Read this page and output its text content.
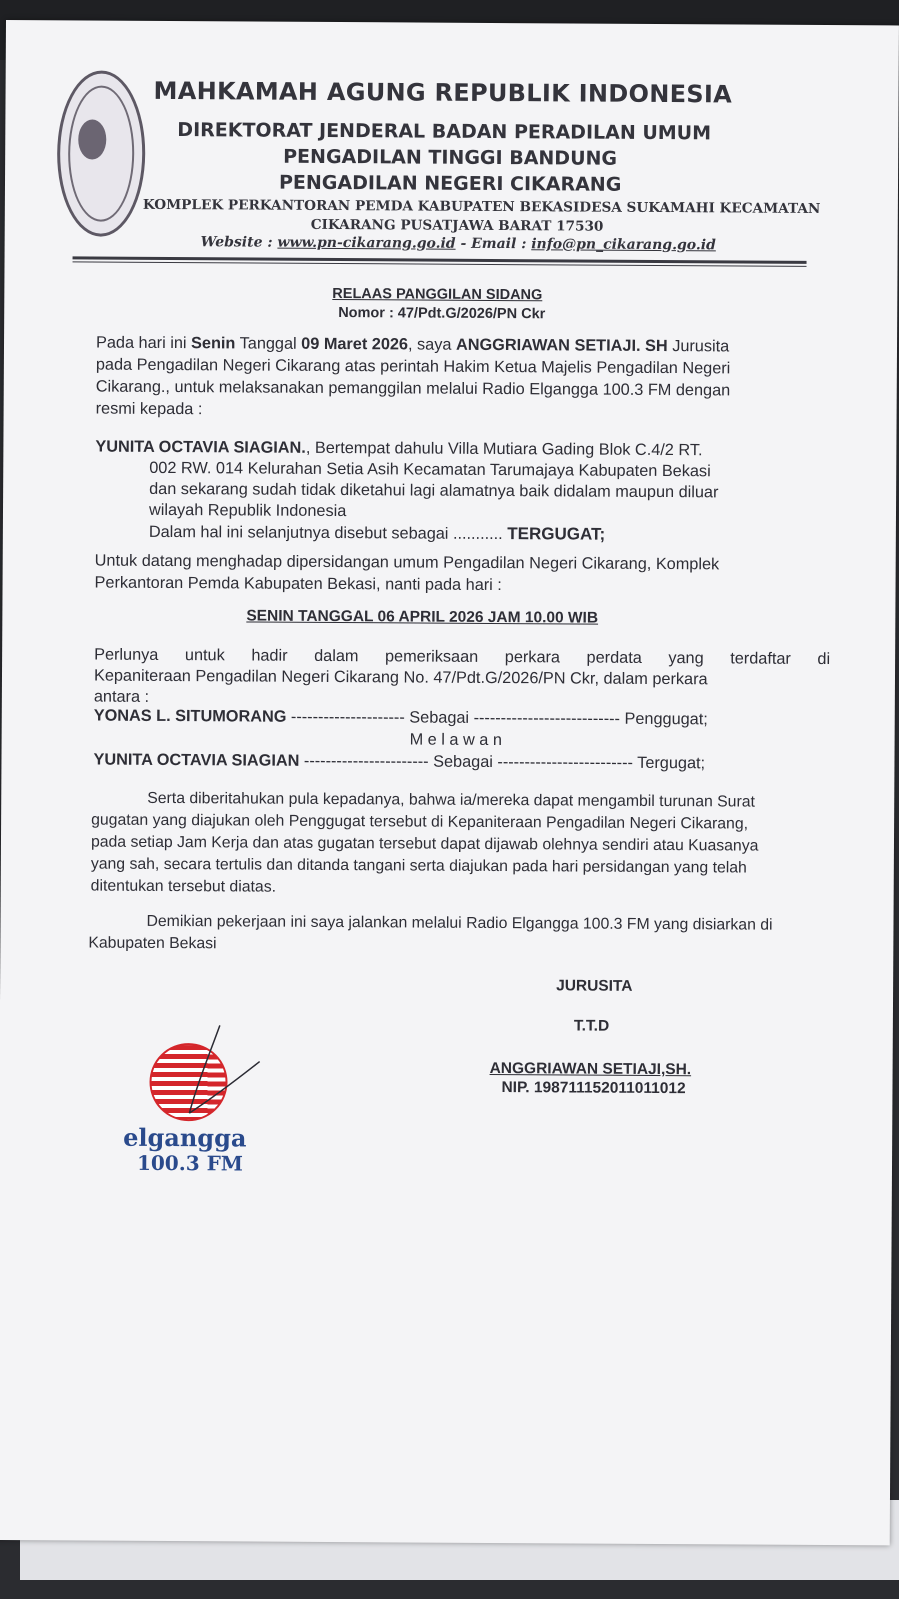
MAHKAMAH AGUNG REPUBLIK INDONESIA
DIREKTORAT JENDERAL BADAN PERADILAN UMUM
PENGADILAN TINGGI BANDUNG
PENGADILAN NEGERI CIKARANG
KOMPLEK PERKANTORAN PEMDA KABUPATEN BEKASIDESA SUKAMAHI KECAMATAN
CIKARANG PUSATJAWA BARAT 17530
Website : www.pn-cikarang.go.id - Email : info@pn_cikarang.go.id
RELAAS PANGGILAN SIDANG
Nomor : 47/Pdt.G/2026/PN Ckr
Pada hari ini Senin Tanggal 09 Maret 2026, saya ANGGRIAWAN SETIAJI. SH Jurusita
pada Pengadilan Negeri Cikarang atas perintah Hakim Ketua Majelis Pengadilan Negeri
Cikarang., untuk melaksanakan pemanggilan melalui Radio Elgangga 100.3 FM dengan
resmi kepada :
YUNITA OCTAVIA SIAGIAN., Bertempat dahulu Villa Mutiara Gading Blok C.4/2 RT.
002 RW. 014 Kelurahan Setia Asih Kecamatan Tarumajaya Kabupaten Bekasi
dan sekarang sudah tidak diketahui lagi alamatnya baik didalam maupun diluar
wilayah Republik Indonesia
Dalam hal ini selanjutnya disebut sebagai ........... TERGUGAT;
Untuk datang menghadap dipersidangan umum Pengadilan Negeri Cikarang, Komplek
Perkantoran Pemda Kabupaten Bekasi, nanti pada hari :
SENIN TANGGAL 06 APRIL 2026 JAM 10.00 WIB
Perlunya untuk hadir dalam pemeriksaan perkara perdata yang terdaftar di
Kepaniteraan Pengadilan Negeri Cikarang No. 47/Pdt.G/2026/PN Ckr, dalam perkara
antara :
YONAS L. SITUMORANG --------------------- Sebagai --------------------------- Penggugat;
M e l a w a n
YUNITA OCTAVIA SIAGIAN ----------------------- Sebagai ------------------------- Tergugat;
Serta diberitahukan pula kepadanya, bahwa ia/mereka dapat mengambil turunan Surat
gugatan yang diajukan oleh Penggugat tersebut di Kepaniteraan Pengadilan Negeri Cikarang,
pada setiap Jam Kerja dan atas gugatan tersebut dapat dijawab olehnya sendiri atau Kuasanya
yang sah, secara tertulis dan ditanda tangani serta diajukan pada hari persidangan yang telah
ditentukan tersebut diatas.
Demikian pekerjaan ini saya jalankan melalui Radio Elgangga 100.3 FM yang disiarkan di
Kabupaten Bekasi
JURUSITA
T.T.D
ANGGRIAWAN SETIAJI,SH.
NIP. 198711152011011012
elgangga
100.3 FM
